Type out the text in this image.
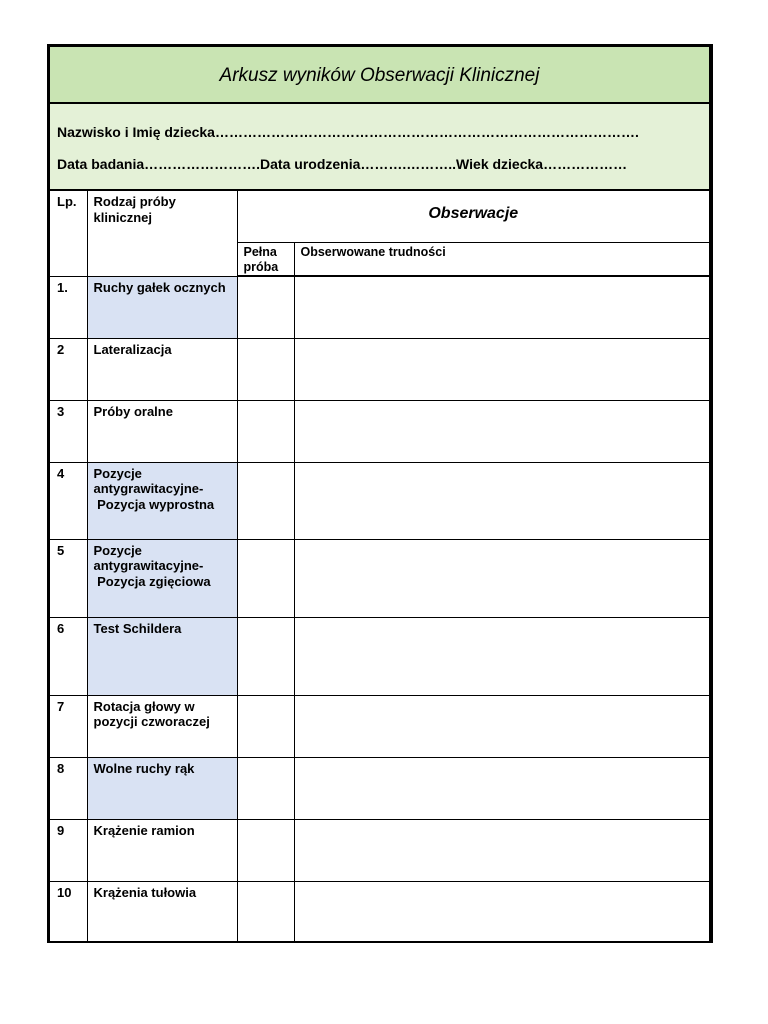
Arkusz wyników Obserwacji Klinicznej
Nazwisko i Imię dziecka……………………………………………………………………………….
Data badania…………………….Data urodzenia……….………..Wiek dziecka………………
Lp.	Rodzaj próby klinicznej	Obserwacje	

		Pełna próba	Obserwowane trudności
1.	Ruchy gałek ocznych		

2	Lateralizacja		

3	Próby oralne		

4	Pozycje antygrawitacyjne-
Pozycja wyprostna		

5	Pozycje antygrawitacyjne-
Pozycja zgięciowa		

6	Test Schildera		

7	Rotacja głowy w pozycji czworaczej		

8	Wolne ruchy rąk		

9	Krążenie ramion		

10	Krążenia tułowia		
